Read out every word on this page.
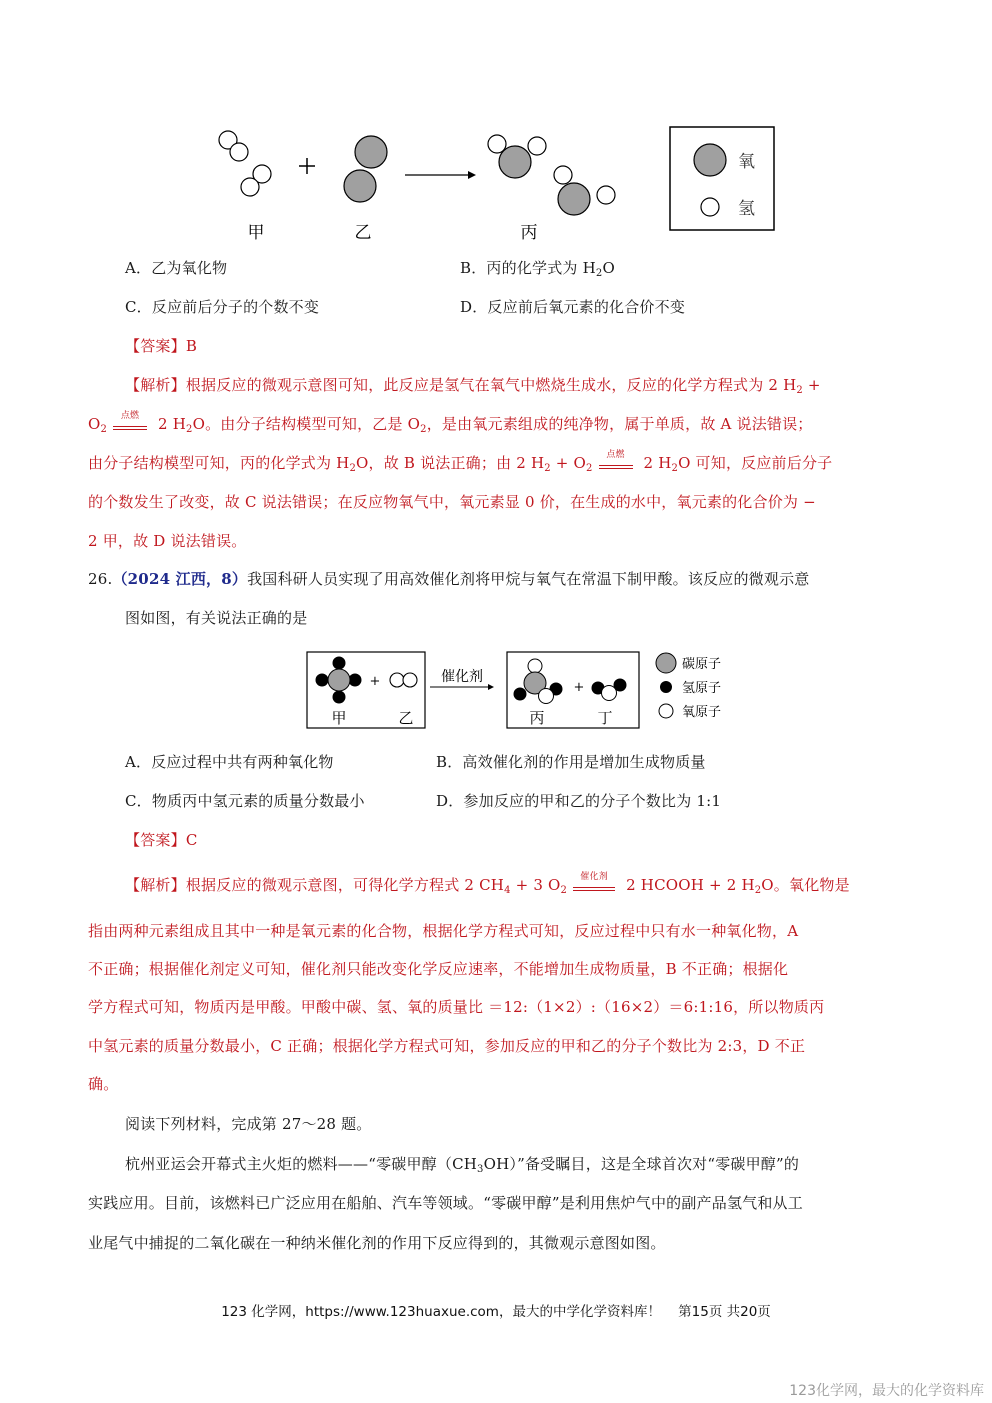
甲	乙	丙
氧
氢
A．乙为氧化物	B．丙的化学式为 $H_2O$
C．反应前后分子的个数不变	D．反应前后氧元素的化合价不变
【答案】B
【解析】根据反应的微观示意图可知，此反应是氢气在氧气中燃烧生成水，反应的化学方程式为 2 $H_2$ +
$O_2$
点燃 2 $H_2O$。由分子结构模型可知，乙是 $O_2$，是由氧元素组成的纯净物，属于单质，故 A 说法错误；
由分子结构模型可知，丙的化学式为 $H_2O$，故 B 说法正确；由 2 $H_2 + O_2$
点燃 2 $H_2O$ 可知，反应前后分子
的个数发生了改变，故 C 说法错误；在反应物氧气中，氧元素显 0 价，在生成的水中，氧元素的化合价为 −
2 甲，故 D 说法错误。
26.（2024 江西，8）我国科研人员实现了用高效催化剂将甲烷与氧气在常温下制甲酸。该反应的微观示意
图如图，有关说法正确的是
+
甲	乙
催化剂
+
丙	丁
碳原子
氢原子
氧原子
A．反应过程中共有两种氧化物	B．高效催化剂的作用是增加生成物质量
C．物质丙中氢元素的质量分数最小	D．参加反应的甲和乙的分子个数比为 1:1
【答案】C
【解析】根据反应的微观示意图，可得化学方程式 2 $CH_4 + 3$ $O_2$
催化剂 2 HCOOH + 2 $H_2O$。氧化物是
指由两种元素组成且其中一种是氧元素的化合物，根据化学方程式可知，反应过程中只有水一种氧化物，A
不正确；根据催化剂定义可知，催化剂只能改变化学反应速率，不能增加生成物质量，B 不正确；根据化
学方程式可知，物质丙是甲酸。甲酸中碳、氢、氧的质量比 ＝12:（1×2）:（16×2）＝6:1:16，所以物质丙
中氢元素的质量分数最小，C 正确；根据化学方程式可知，参加反应的甲和乙的分子个数比为 2:3，D 不正
确。
阅读下列材料，完成第 27～28 题。
杭州亚运会开幕式主火炬的燃料——“零碳甲醇$(CH_3OH)$”备受瞩目，这是全球首次对“零碳甲醇”的
实践应用。目前，该燃料已广泛应用在船舶、汽车等领域。“零碳甲醇”是利用焦炉气中的副产品氢气和从工
业尾气中捕捉的二氧化碳在一种纳米催化剂的作用下反应得到的，其微观示意图如图。
123 化学网，https://www.123huaxue.com，最大的中学化学资料库！ 第15页 共20页
123化学网，最大的化学资料库
